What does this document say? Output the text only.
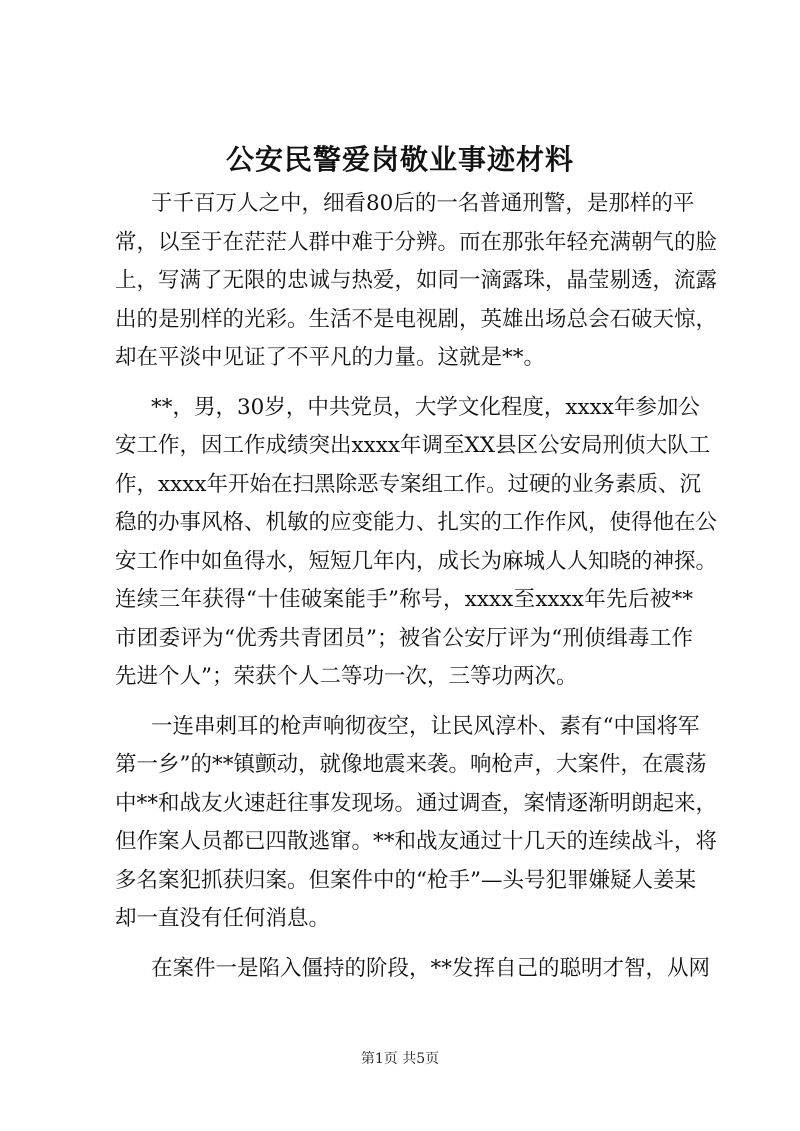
公安民警爱岗敬业事迹材料
于千百万人之中，细看80后的一名普通刑警，是那样的平
常，以至于在茫茫人群中难于分辨。而在那张年轻充满朝气的脸
上，写满了无限的忠诚与热爱，如同一滴露珠，晶莹剔透，流露
出的是别样的光彩。生活不是电视剧，英雄出场总会石破天惊，
却在平淡中见证了不平凡的力量。这就是**。
**，男，30岁，中共党员，大学文化程度，xxxx年参加公
安工作，因工作成绩突出xxxx年调至XX县区公安局刑侦大队工
作，xxxx年开始在扫黑除恶专案组工作。过硬的业务素质、沉
稳的办事风格、机敏的应变能力、扎实的工作作风，使得他在公
安工作中如鱼得水，短短几年内，成长为麻城人人知晓的神探。
连续三年获得“十佳破案能手”称号，xxxx至xxxx年先后被**
市团委评为“优秀共青团员”；被省公安厅评为“刑侦缉毒工作
先进个人”；荣获个人二等功一次，三等功两次。
一连串刺耳的枪声响彻夜空，让民风淳朴、素有“中国将军
第一乡”的**镇颤动，就像地震来袭。响枪声，大案件，在震荡
中**和战友火速赶往事发现场。通过调查，案情逐渐明朗起来，
但作案人员都已四散逃窜。**和战友通过十几天的连续战斗，将
多名案犯抓获归案。但案件中的“枪手”—头号犯罪嫌疑人姜某
却一直没有任何消息。
在案件一是陷入僵持的阶段，**发挥自己的聪明才智，从网
第1页 共5页
